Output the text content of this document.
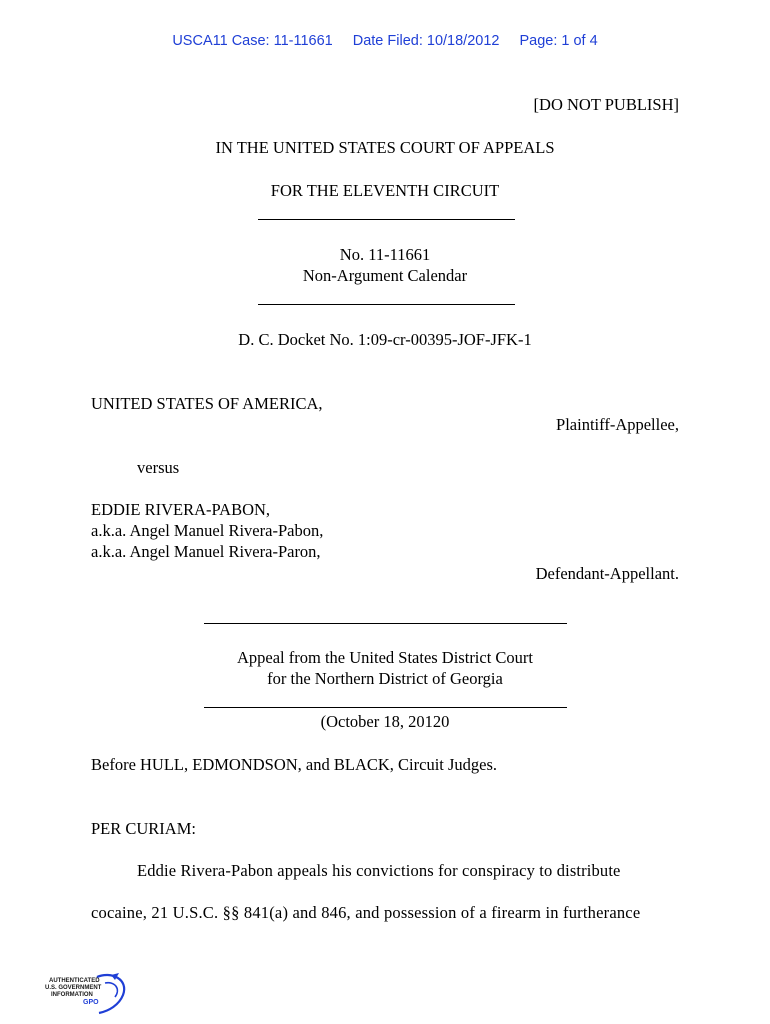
USCA11 Case: 11-11661 Date Filed: 10/18/2012 Page: 1 of 4
[DO NOT PUBLISH]
IN THE UNITED STATES COURT OF APPEALS
FOR THE ELEVENTH CIRCUIT
No. 11-11661
Non-Argument Calendar
D. C. Docket No. 1:09-cr-00395-JOF-JFK-1
UNITED STATES OF AMERICA,
Plaintiff-Appellee,
versus
EDDIE RIVERA-PABON,
a.k.a. Angel Manuel Rivera-Pabon,
a.k.a. Angel Manuel Rivera-Paron,
Defendant-Appellant.
Appeal from the United States District Court
for the Northern District of Georgia
(October 18, 20120
Before HULL, EDMONDSON, and BLACK, Circuit Judges.
PER CURIAM:
Eddie Rivera-Pabon appeals his convictions for conspiracy to distribute
cocaine, 21 U.S.C. §§ 841(a) and 846, and possession of a firearm in furtherance
AUTHENTICATED
U.S. GOVERNMENT
INFORMATION
GPO
